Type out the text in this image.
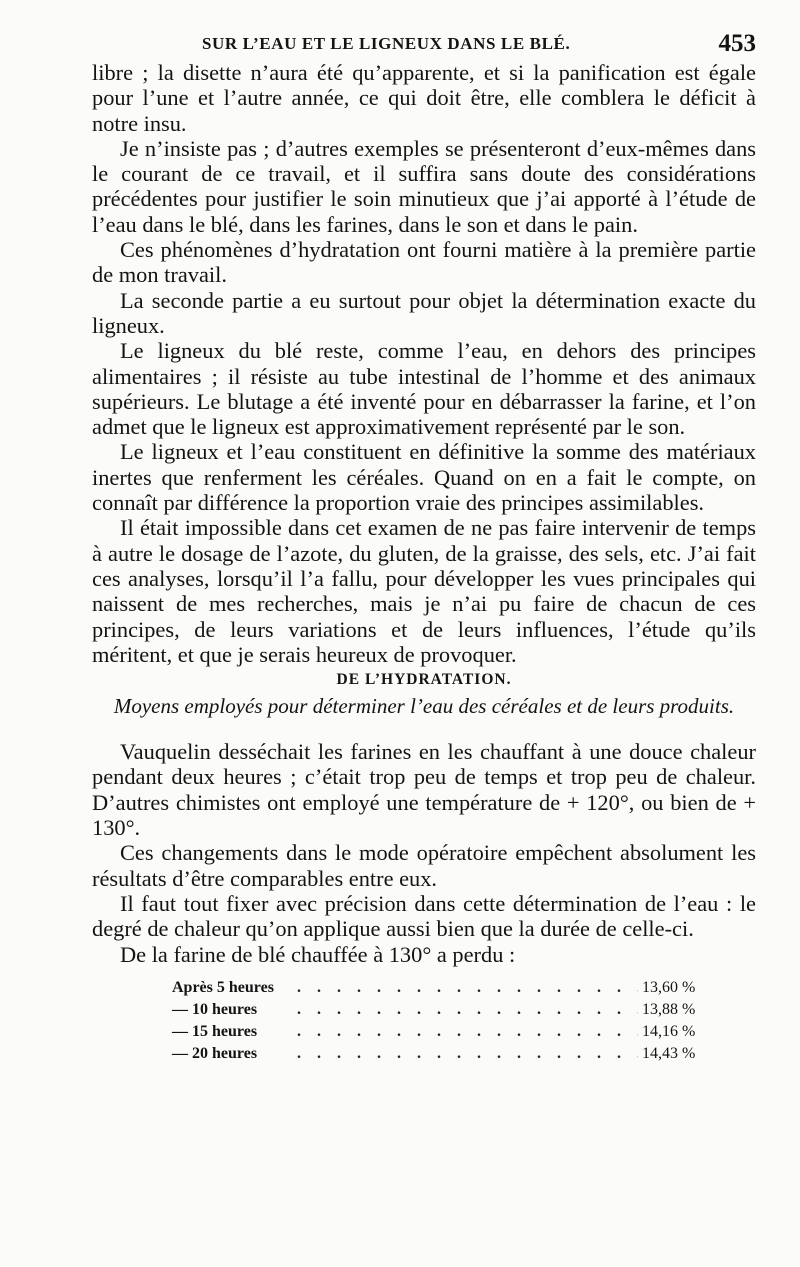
SUR L’EAU ET LE LIGNEUX DANS LE BLÉ.	453

libre ; la disette n’aura été qu’apparente, et si la panification est égale pour l’une et l’autre année, ce qui doit être, elle comblera le déficit à notre insu.

Je n’insiste pas ; d’autres exemples se présenteront d’eux-mêmes dans le courant de ce travail, et il suffira sans doute des considérations précédentes pour justifier le soin minutieux que j’ai apporté à l’étude de l’eau dans le blé, dans les farines, dans le son et dans le pain.

Ces phénomènes d’hydratation ont fourni matière à la première partie de mon travail.

La seconde partie a eu surtout pour objet la détermination exacte du ligneux.

Le ligneux du blé reste, comme l’eau, en dehors des principes alimentaires ; il résiste au tube intestinal de l’homme et des animaux supérieurs. Le blutage a été inventé pour en débarrasser la farine, et l’on admet que le ligneux est approximativement représenté par le son.

Le ligneux et l’eau constituent en définitive la somme des matériaux inertes que renferment les céréales. Quand on en a fait le compte, on connaît par différence la proportion vraie des principes assimilables.

Il était impossible dans cet examen de ne pas faire intervenir de temps à autre le dosage de l’azote, du gluten, de la graisse, des sels, etc. J’ai fait ces analyses, lorsqu’il l’a fallu, pour développer les vues principales qui naissent de mes recherches, mais je n’ai pu faire de chacun de ces principes, de leurs variations et de leurs influences, l’étude qu’ils méritent, et que je serais heureux de provoquer.

DE L’HYDRATATION.
Moyens employés pour déterminer l’eau des céréales et de leurs produits.

Vauquelin desséchait les farines en les chauffant à une douce chaleur pendant deux heures ; c’était trop peu de temps et trop peu de chaleur. D’autres chimistes ont employé une température de + 120°, ou bien de + 130°.

Ces changements dans le mode opératoire empêchent absolument les résultats d’être comparables entre eux.

Il faut tout fixer avec précision dans cette détermination de l’eau : le degré de chaleur qu’on applique aussi bien que la durée de celle-ci.

De la farine de blé chauffée à 130° a perdu :

Après 5 heures . . .	13,60 %
— 10 heures . . .	13,88 %
— 15 heures . . .	14,16 %
— 20 heures . . .	14,43 %
